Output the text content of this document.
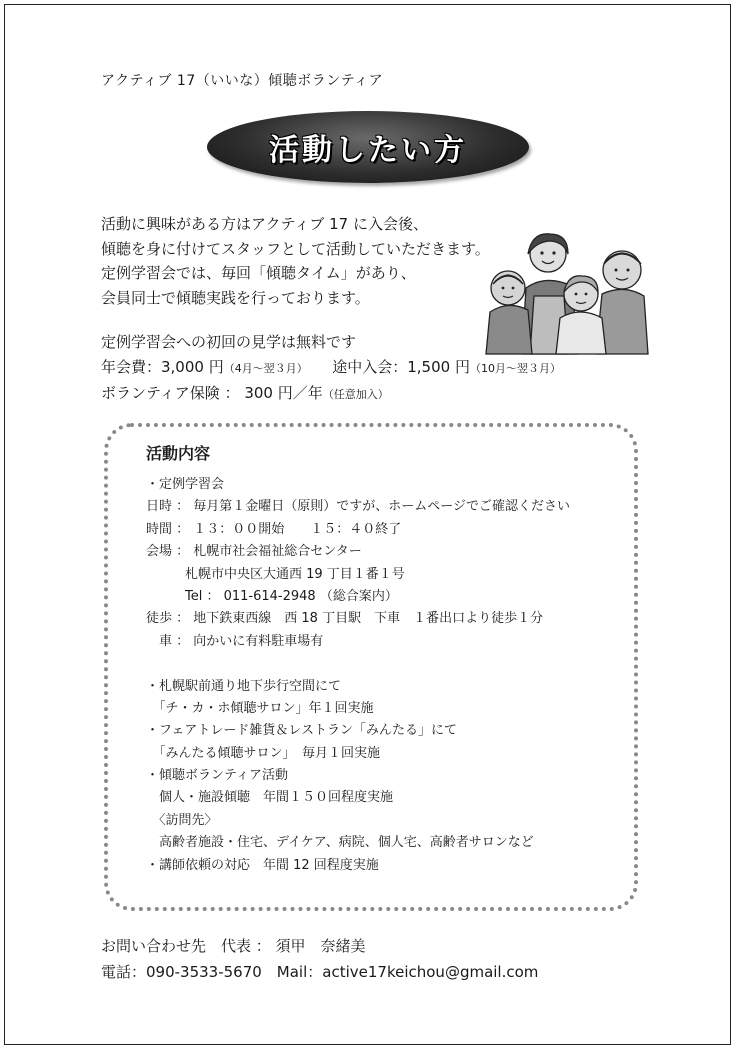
アクティブ 17（いいな）傾聴ボランティア
活動したい方
活動に興味がある方はアクティブ 17 に入会後、
傾聴を身に付けてスタッフとして活動していただきます。
定例学習会では、毎回「傾聴タイム」があり、
会員同士で傾聴実践を行っております。
定例学習会への初回の見学は無料です
年会費：3,000 円（4月～翌３月）　　 途中入会：1,500 円（10月～翌３月）
ボランティア保険 ： 300 円／年（任意加入）
活動内容
・定例学習会
日時 ： 毎月第１金曜日（原則）ですが、ホームページでご確認ください
時間 ： １３：００開始　　１５：４０終了
会場 ： 札幌市社会福祉総合センター
　　　札幌市中央区大通西 19 丁目１番１号
　　　Tel ： 011-614-2948 （総合案内）
徒歩 ： 地下鉄東西線　西 18 丁目駅　下車　１番出口より徒歩１分
　車 ： 向かいに有料駐車場有
・札幌駅前通り地下歩行空間にて
　「チ・カ・ホ傾聴サロン」年１回実施
・フェアトレード雑貨＆レストラン「みんたる」にて
　「みんたる傾聴サロン」　毎月１回実施
・傾聴ボランティア活動
　個人・施設傾聴　年間１５０回程度実施
　〈訪問先〉
　高齢者施設・住宅、デイケア、病院、個人宅、高齢者サロンなど
・講師依頼の対応　年間 12 回程度実施
お問い合わせ先　代表 ： 須甲　奈緒美
電話：090-3533-5670　Mail：active17keichou@gmail.com
